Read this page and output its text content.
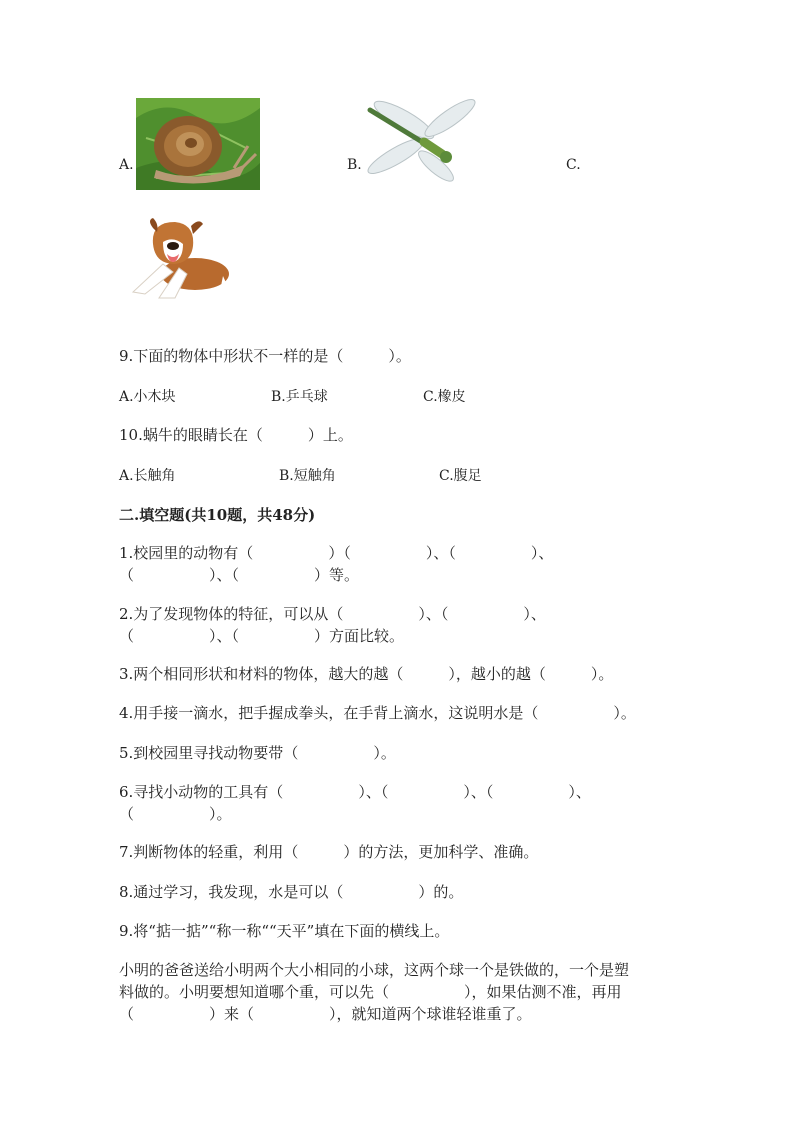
A.	B.	C.
9.下面的物体中形状不一样的是（　　　）。
A.小木块	B.乒乓球	C.橡皮
10.蜗牛的眼睛长在（　　　）上。
A.长触角	B.短触角	C.腹足
二.填空题(共10题，共48分)
1.校园里的动物有（　　　　　）（　　　　　）、（　　　　　）、
（　　　　　）、（　　　　　）等。
2.为了发现物体的特征，可以从（　　　　　）、（　　　　　）、
（　　　　　）、（　　　　　）方面比较。
3.两个相同形状和材料的物体，越大的越（　　　），越小的越（　　　）。
4.用手接一滴水，把手握成拳头，在手背上滴水，这说明水是（　　　　　）。
5.到校园里寻找动物要带（　　　　　）。
6.寻找小动物的工具有（　　　　　）、（　　　　　）、（　　　　　）、
（　　　　　）。
7.判断物体的轻重，利用（　　　）的方法，更加科学、准确。
8.通过学习，我发现，水是可以（　　　　　）的。
9.将“掂一掂”“称一称““天平”填在下面的横线上。
小明的爸爸送给小明两个大小相同的小球，这两个球一个是铁做的，一个是塑
料做的。小明要想知道哪个重，可以先（　　　　　），如果估测不准，再用
（　　　　　）来（　　　　　），就知道两个球谁轻谁重了。
